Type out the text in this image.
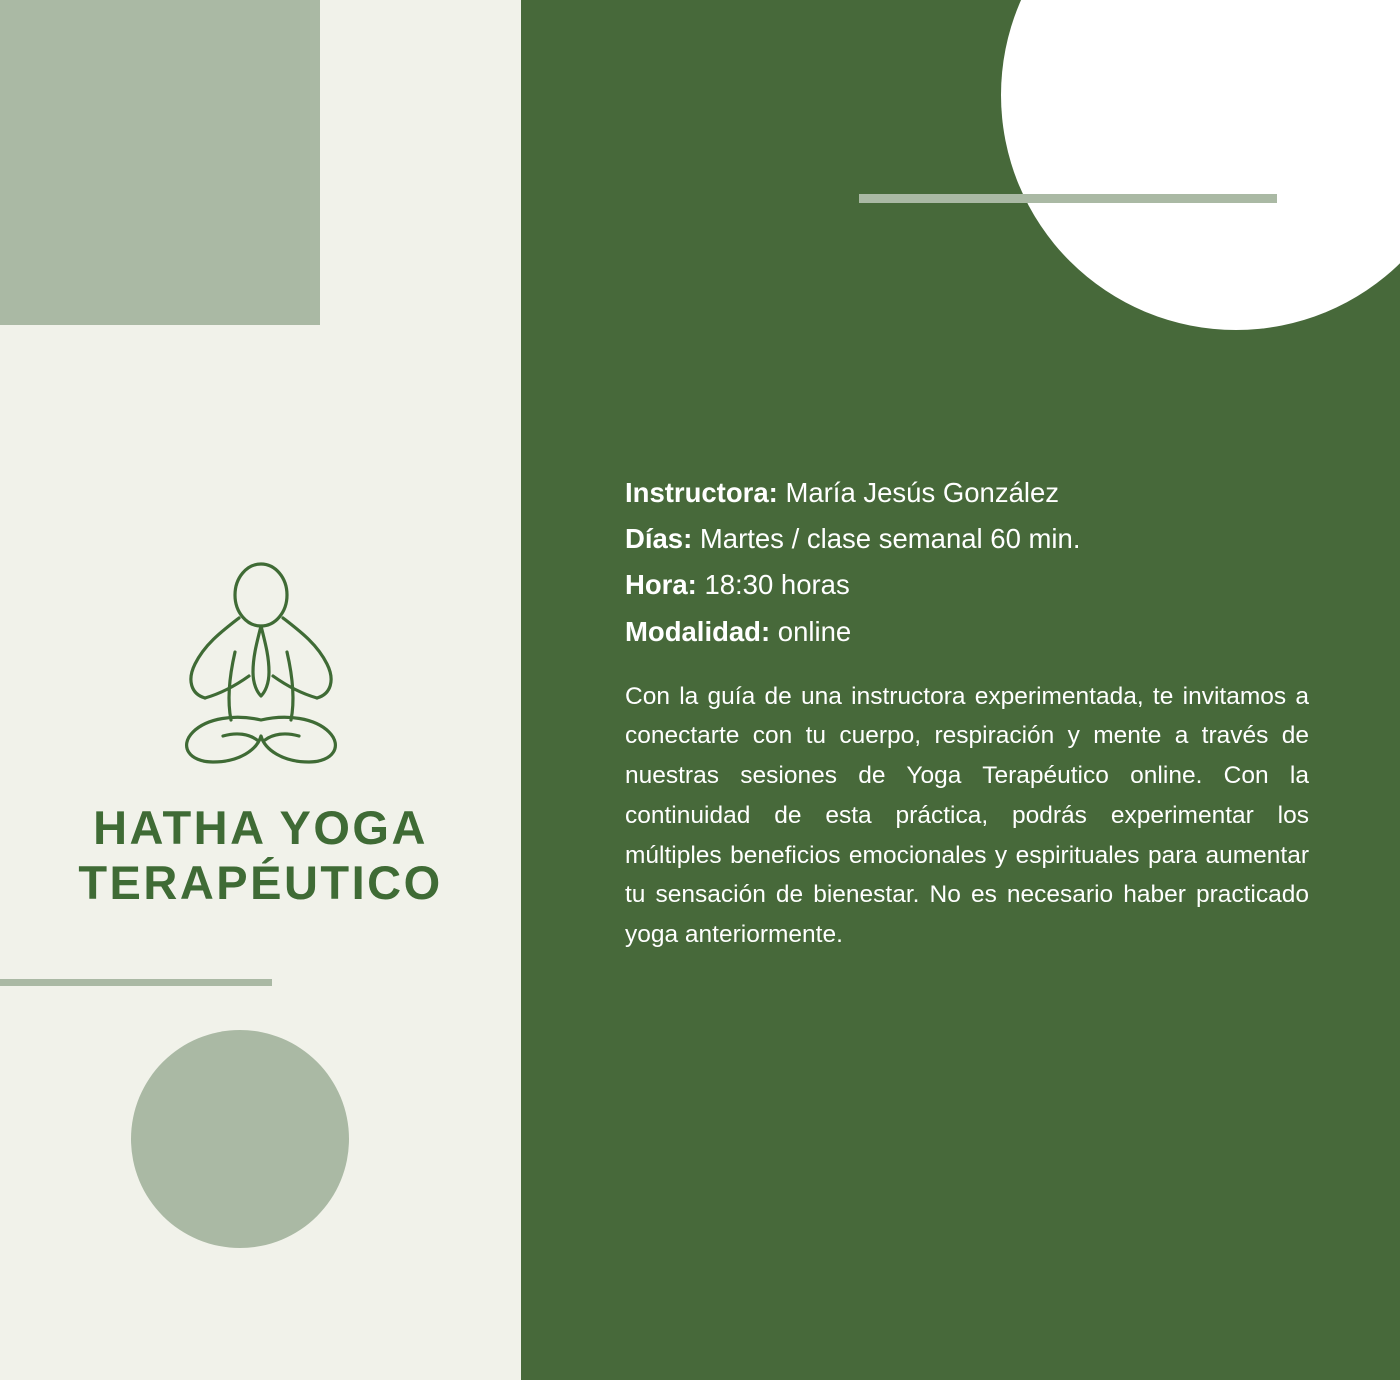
HATHA YOGA
TERAPÉUTICO

Instructora: María Jesús González
Días: Martes / clase semanal 60 min.
Hora: 18:30 horas
Modalidad: online

Con la guía de una instructora experimentada, te invitamos a conectarte con tu cuerpo, respiración y mente a través de nuestras sesiones de Yoga Terapéutico online. Con la continuidad de esta práctica, podrás experimentar los múltiples beneficios emocionales y espirituales para aumentar tu sensación de bienestar. No es necesario haber practicado yoga anteriormente.
